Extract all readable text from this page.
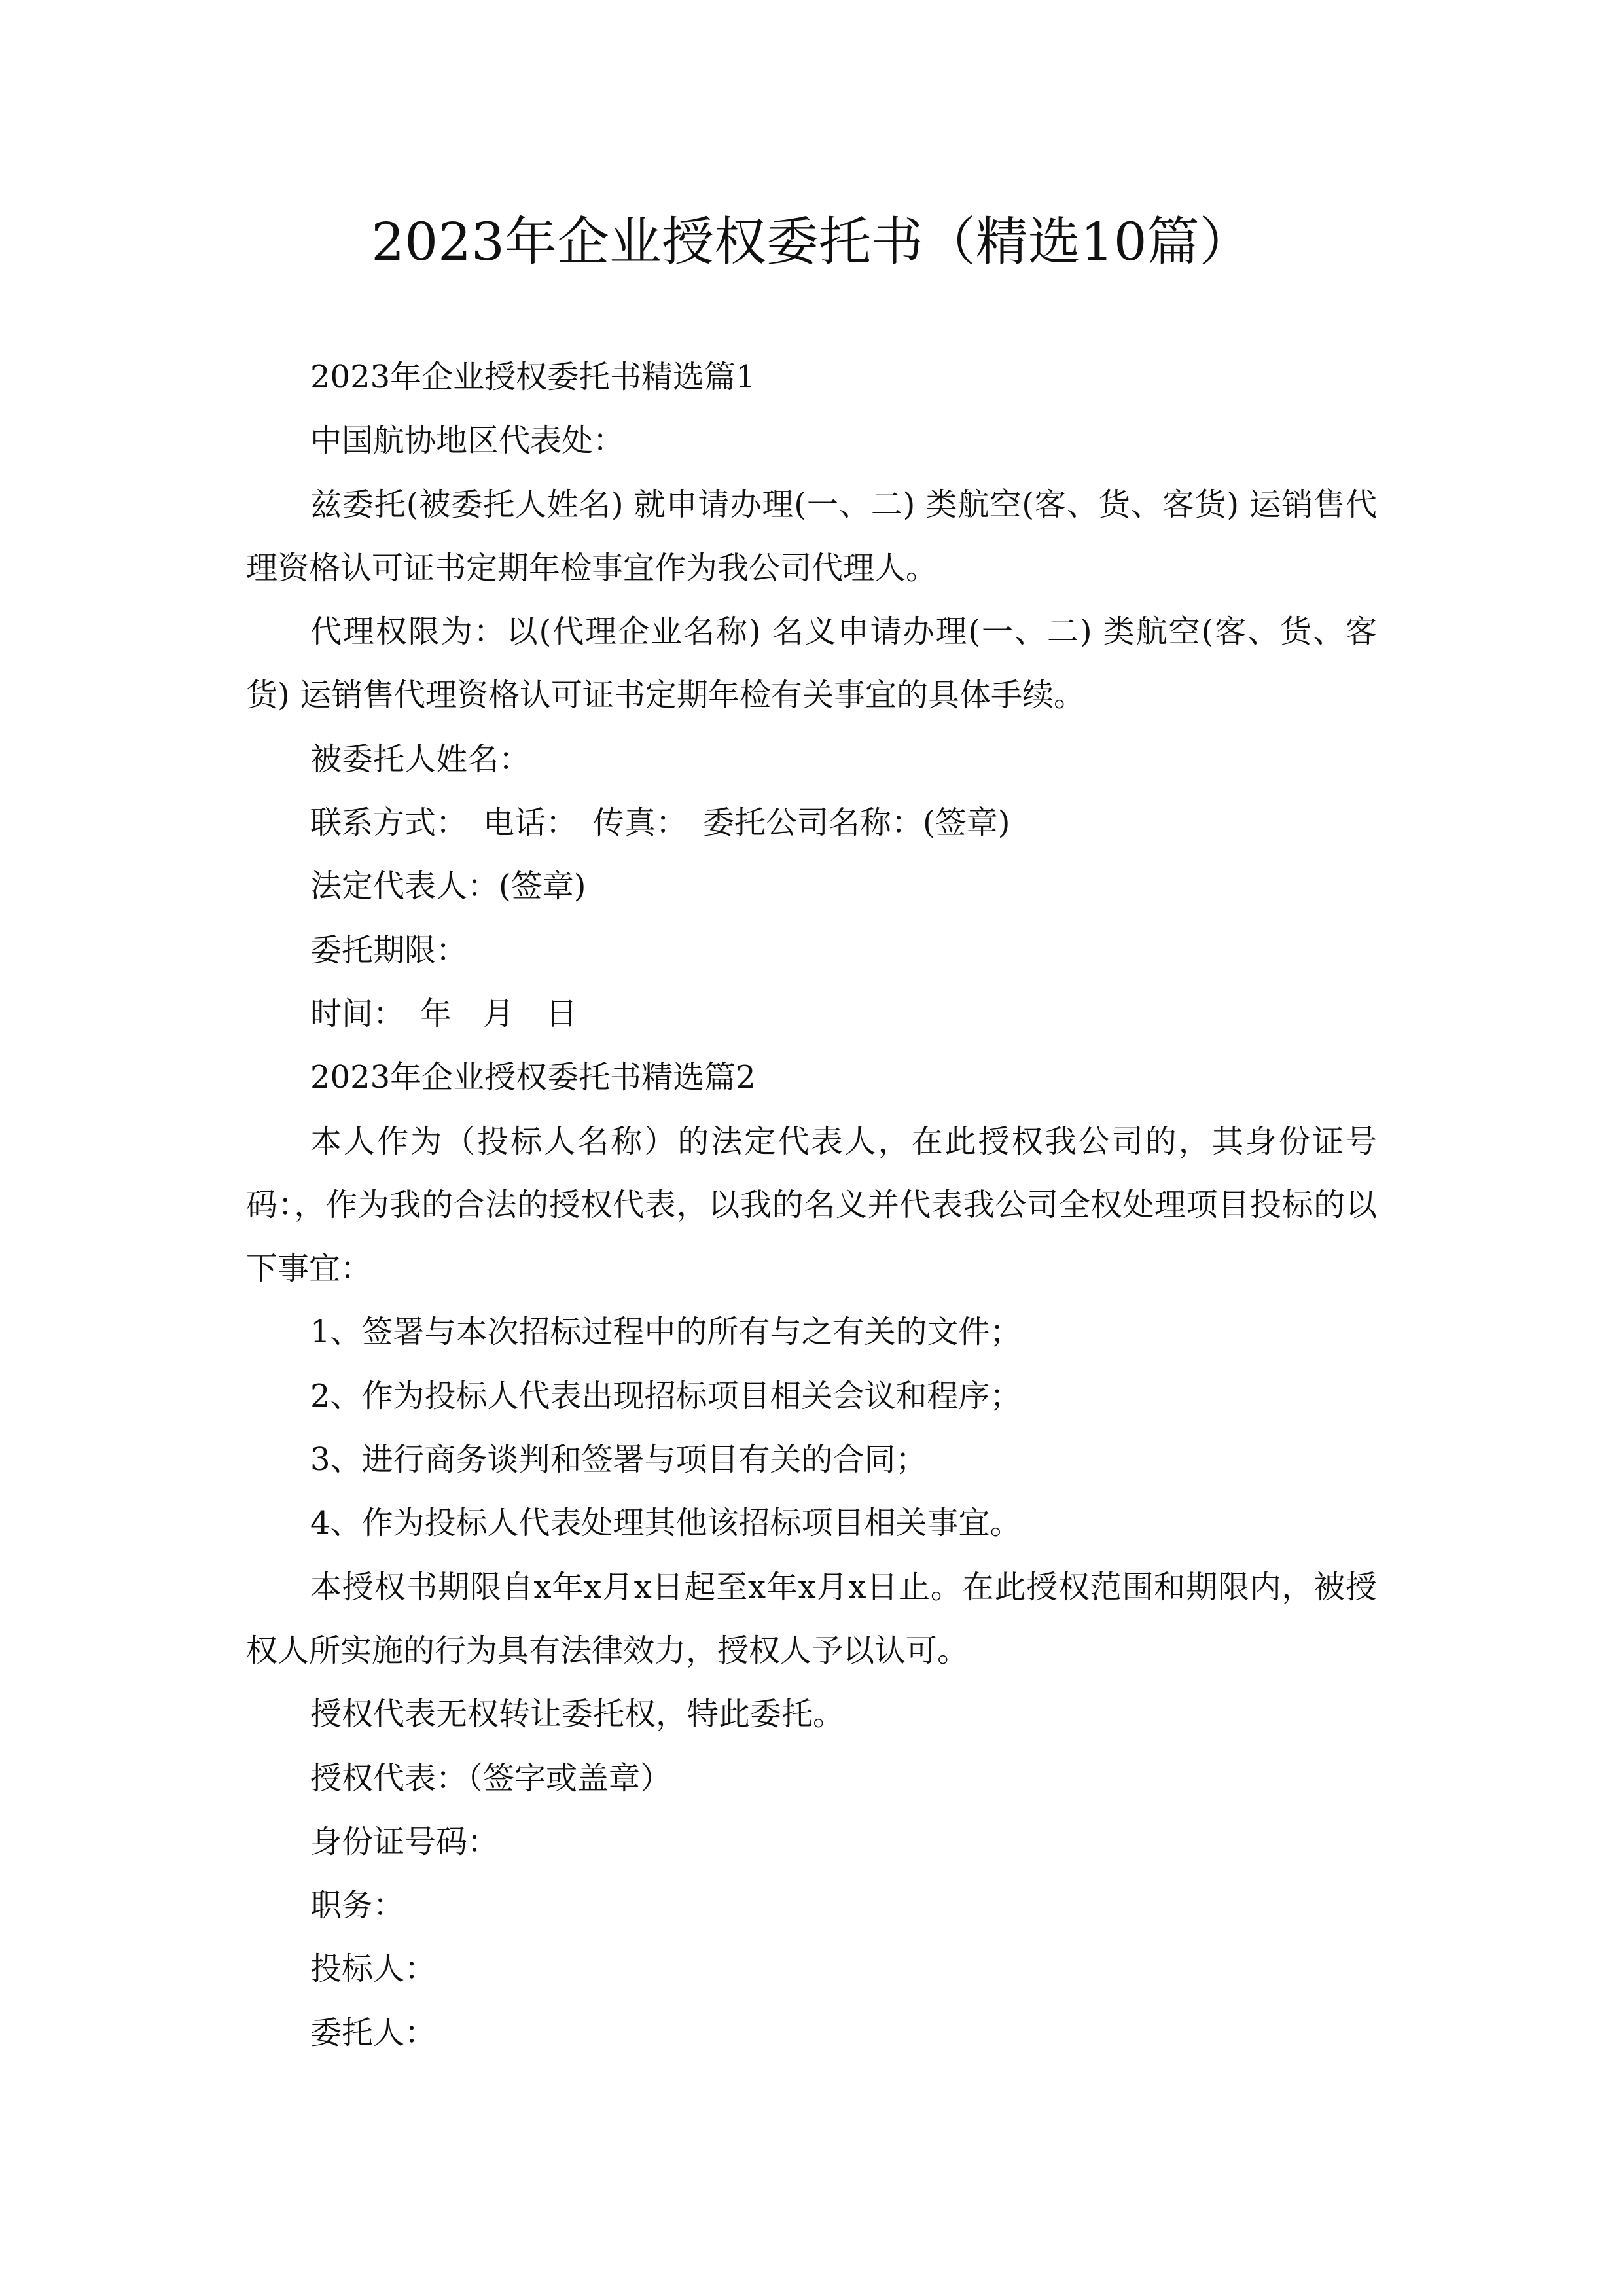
2023年企业授权委托书（精选10篇）

2023年企业授权委托书精选篇1

中国航协地区代表处：

兹委托(被委托人姓名) 就申请办理(一、二) 类航空(客、货、客货) 运销售代理资格认可证书定期年检事宜作为我公司代理人。

代理权限为：以(代理企业名称) 名义申请办理(一、二) 类航空(客、货、客货) 运销售代理资格认可证书定期年检有关事宜的具体手续。

被委托人姓名：

联系方式：　电话：　传真：　委托公司名称：(签章)

法定代表人：(签章)

委托期限：

时间：　年　月　日

2023年企业授权委托书精选篇2

本人作为（投标人名称）的法定代表人，在此授权我公司的，其身份证号码：，作为我的合法的授权代表，以我的名义并代表我公司全权处理项目投标的以下事宜：

1、签署与本次招标过程中的所有与之有关的文件；

2、作为投标人代表出现招标项目相关会议和程序；

3、进行商务谈判和签署与项目有关的合同；

4、作为投标人代表处理其他该招标项目相关事宜。

本授权书期限自x年x月x日起至x年x月x日止。在此授权范围和期限内，被授权人所实施的行为具有法律效力，授权人予以认可。

授权代表无权转让委托权，特此委托。

授权代表：（签字或盖章）

身份证号码：

职务：

投标人：

委托人：
